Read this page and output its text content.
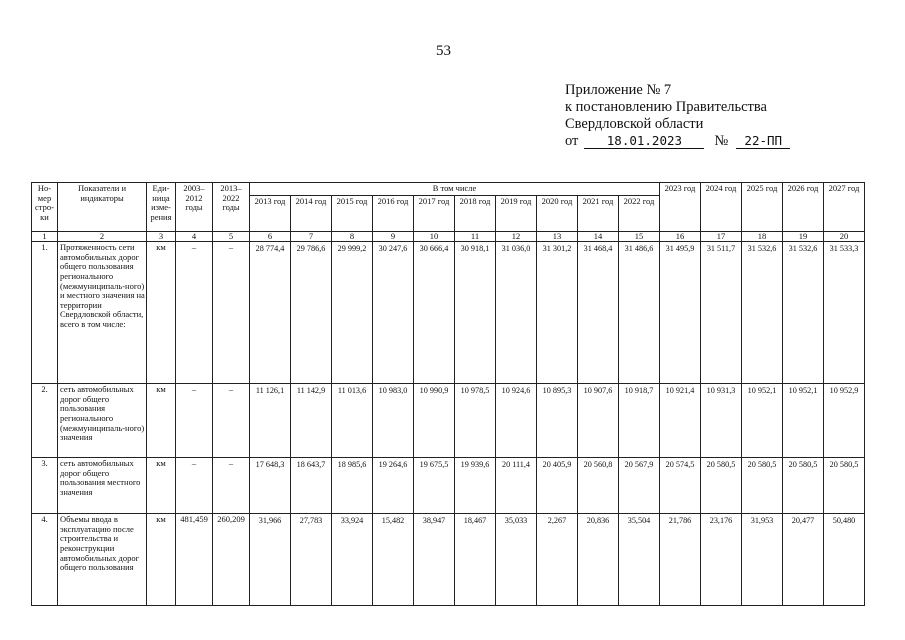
53
Приложение № 7
к постановлению Правительства
Свердловской области
от	18.01.2023	№	22-ПП
Но-мер стро-ки	Показатели и индикаторы	Еди-ница изме-рения	2003–2012 годы	2013–2022 годы	В том числе										2023 год	2024 год	2025 год	2026 год	2027 год
					2013 год	2014 год	2015 год	2016 год	2017 год	2018 год	2019 год	2020 год	2021 год	2022 год					
1	2	3	4	5	6	7	8	9	10	11	12	13	14	15	16	17	18	19	20
1.	Протяженность сети автомобильных дорог общего пользования регионального (межмуниципаль-ного) и местного значения на территории Свердловской области, всего в том числе:	км	–	–	28 774,4	29 786,6	29 999,2	30 247,6	30 666,4	30 918,1	31 036,0	31 301,2	31 468,4	31 486,6	31 495,9	31 511,7	31 532,6	31 532,6	31 533,3
2.	сеть автомобильных дорог общего пользования регионального (межмуниципаль-ного) значения	км	–	–	11 126,1	11 142,9	11 013,6	10 983,0	10 990,9	10 978,5	10 924,6	10 895,3	10 907,6	10 918,7	10 921,4	10 931,3	10 952,1	10 952,1	10 952,9
3.	сеть автомобильных дорог общего пользования местного значения	км	–	–	17 648,3	18 643,7	18 985,6	19 264,6	19 675,5	19 939,6	20 111,4	20 405,9	20 560,8	20 567,9	20 574,5	20 580,5	20 580,5	20 580,5	20 580,5
4.	Объемы ввода в эксплуатацию после строительства и реконструкции автомобильных дорог общего пользования	км	481,459	260,209	31,966	27,783	33,924	15,482	38,947	18,467	35,033	2,267	20,836	35,504	21,786	23,176	31,953	20,477	50,480
